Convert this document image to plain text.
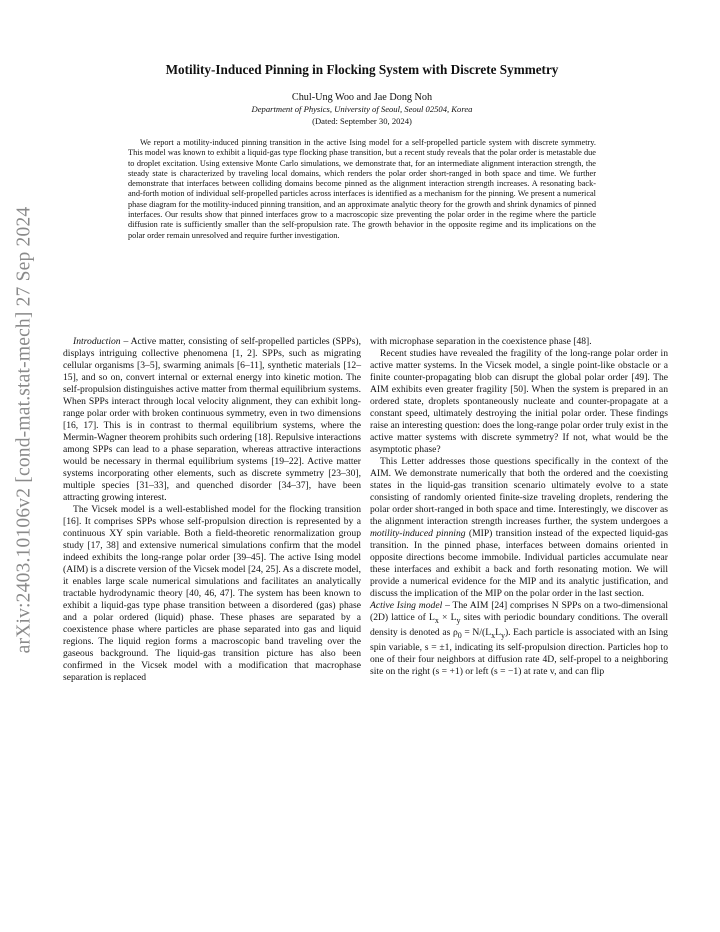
arXiv:2403.10106v2 [cond-mat.stat-mech] 27 Sep 2024
Motility-Induced Pinning in Flocking System with Discrete Symmetry
Chul-Ung Woo and Jae Dong Noh
Department of Physics, University of Seoul, Seoul 02504, Korea
(Dated: September 30, 2024)

We report a motility-induced pinning transition in the active Ising model for a self-propelled particle system with discrete symmetry. This model was known to exhibit a liquid-gas type flocking phase transition, but a recent study reveals that the polar order is metastable due to droplet excitation. Using extensive Monte Carlo simulations, we demonstrate that, for an intermediate alignment interaction strength, the steady state is characterized by traveling local domains, which renders the polar order short-ranged in both space and time. We further demonstrate that interfaces between colliding domains become pinned as the alignment interaction strength increases. A resonating back-and-forth motion of individual self-propelled particles across interfaces is identified as a mechanism for the pinning. We present a numerical phase diagram for the motility-induced pinning transition, and an approximate analytic theory for the growth and shrink dynamics of pinned interfaces. Our results show that pinned interfaces grow to a macroscopic size preventing the polar order in the regime where the particle diffusion rate is sufficiently smaller than the self-propulsion rate. The growth behavior in the opposite regime and its implications on the polar order remain unresolved and require further investigation.

Introduction – Active matter, consisting of self-propelled particles (SPPs), displays intriguing collective phenomena [1, 2]. SPPs, such as migrating cellular organisms [3–5], swarming animals [6–11], synthetic materials [12–15], and so on, convert internal or external energy into kinetic motion. The self-propulsion distinguishes active matter from thermal equilibrium systems. When SPPs interact through local velocity alignment, they can exhibit long-range polar order with broken continuous symmetry, even in two dimensions [16, 17]. This is in contrast to thermal equilibrium systems, where the Mermin-Wagner theorem prohibits such ordering [18]. Repulsive interactions among SPPs can lead to a phase separation, whereas attractive interactions would be necessary in thermal equilibrium systems [19–22]. Active matter systems incorporating other elements, such as discrete symmetry [23–30], multiple species [31–33], and quenched disorder [34–37], have been attracting growing interest.

The Vicsek model is a well-established model for the flocking transition [16]. It comprises SPPs whose self-propulsion direction is represented by a continuous XY spin variable. Both a field-theoretic renormalization group study [17, 38] and extensive numerical simulations confirm that the model indeed exhibits the long-range polar order [39–45]. The active Ising model (AIM) is a discrete version of the Vicsek model [24, 25]. As a discrete model, it enables large scale numerical simulations and facilitates an analytically tractable hydrodynamic theory [40, 46, 47]. The system has been known to exhibit a liquid-gas type phase transition between a disordered (gas) phase and a polar ordered (liquid) phase. These phases are separated by a coexistence phase where particles are phase separated into gas and liquid regions. The liquid region forms a macroscopic band traveling over the gaseous background. The liquid-gas transition picture has also been confirmed in the Vicsek model with a modification that macrophase separation is replaced

with microphase separation in the coexistence phase [48].

Recent studies have revealed the fragility of the long-range polar order in active matter systems. In the Vicsek model, a single point-like obstacle or a finite counter-propagating blob can disrupt the global polar order [49]. The AIM exhibits even greater fragility [50]. When the system is prepared in an ordered state, droplets spontaneously nucleate and counter-propagate at a constant speed, ultimately destroying the initial polar order. These findings raise an interesting question: does the long-range polar order truly exist in the active matter systems with discrete symmetry? If not, what would be the asymptotic phase?

This Letter addresses those questions specifically in the context of the AIM. We demonstrate numerically that both the ordered and the coexisting states in the liquid-gas transition scenario ultimately evolve to a state consisting of randomly oriented finite-size traveling droplets, rendering the polar order short-ranged in both space and time. Interestingly, we discover as the alignment interaction strength increases further, the system undergoes a motility-induced pinning (MIP) transition instead of the expected liquid-gas transition. In the pinned phase, interfaces between domains oriented in opposite directions become immobile. Individual particles accumulate near these interfaces and exhibit a back and forth resonating motion. We will provide a numerical evidence for the MIP and its analytic justification, and discuss the implication of the MIP on the polar order in the last section.

Active Ising model – The AIM [24] comprises N SPPs on a two-dimensional (2D) lattice of $L_x \times L_y$ sites with periodic boundary conditions. The overall density is denoted as $\rho_0 = N/(L_xL_y)$. Each particle is associated with an Ising spin variable, s = ±1, indicating its self-propulsion direction. Particles hop to one of their four neighbors at diffusion rate 4D, self-propel to a neighboring site on the right (s = +1) or left (s = −1) at rate v, and can flip
